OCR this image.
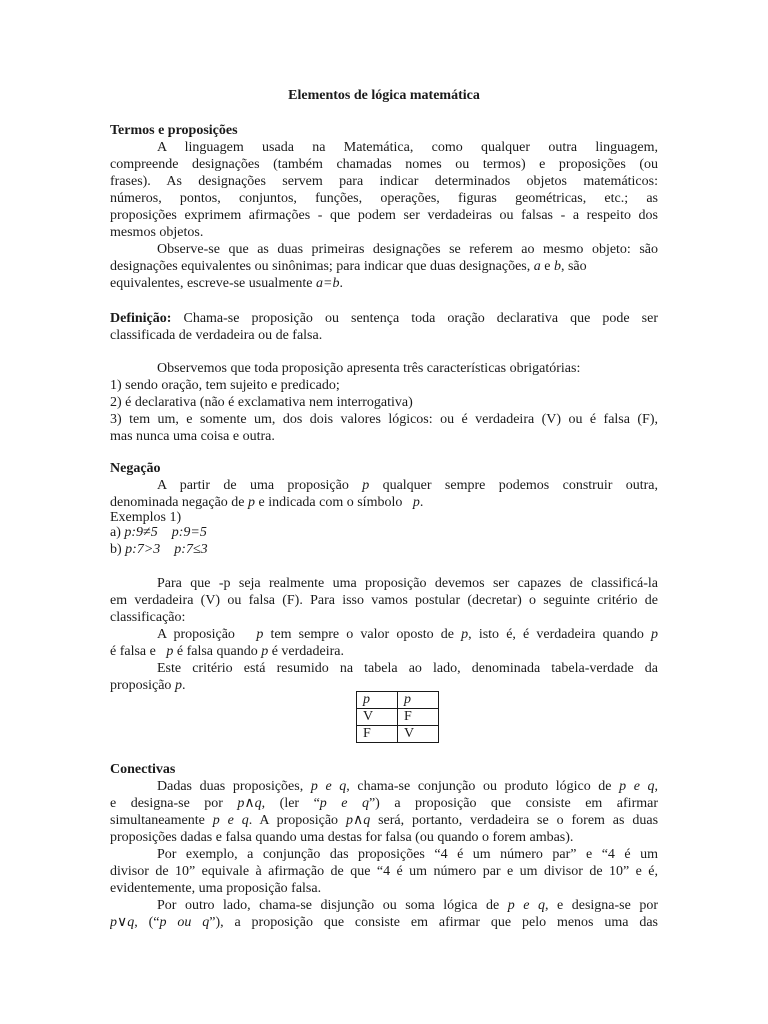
Elementos de lógica matemática
Termos e proposições
A linguagem usada na Matemática, como qualquer outra linguagem,
compreende designações (também chamadas nomes ou termos) e proposições (ou
frases). As designações servem para indicar determinados objetos matemáticos:
números, pontos, conjuntos, funções, operações, figuras geométricas, etc.; as
proposições exprimem afirmações - que podem ser verdadeiras ou falsas - a respeito dos
mesmos objetos.
Observe-se que as duas primeiras designações se referem ao mesmo objeto: são
designações equivalentes ou sinônimas; para indicar que duas designações, a e b, são
equivalentes, escreve-se usualmente a=b.
Definição: Chama-se proposição ou sentença toda oração declarativa que pode ser
classificada de verdadeira ou de falsa.
Observemos que toda proposição apresenta três características obrigatórias:
1) sendo oração, tem sujeito e predicado;
2) é declarativa (não é exclamativa nem interrogativa)
3) tem um, e somente um, dos dois valores lógicos: ou é verdadeira (V) ou é falsa (F),
mas nunca uma coisa e outra.
Negação
A partir de uma proposição p qualquer sempre podemos construir outra,
denominada negação de p e indicada com o símbolo p.
Exemplos 1)
a) p:9≠5 p:9=5
b) p:7>3 p:7≤3
Para que -p seja realmente uma proposição devemos ser capazes de classificá-la
em verdadeira (V) ou falsa (F). Para isso vamos postular (decretar) o seguinte critério de
classificação:
A proposição p tem sempre o valor oposto de p, isto é, é verdadeira quando p
é falsa e p é falsa quando p é verdadeira.
Este critério está resumido na tabela ao lado, denominada tabela-verdade da
proposição p.
p	p
V	F
F	V
Conectivas
Dadas duas proposições, p e q, chama-se conjunção ou produto lógico de p e q,
e designa-se por p∧q, (ler “p e q”) a proposição que consiste em afirmar
simultaneamente p e q. A proposição p∧q será, portanto, verdadeira se o forem as duas
proposições dadas e falsa quando uma destas for falsa (ou quando o forem ambas).
Por exemplo, a conjunção das proposições “4 é um número par” e “4 é um
divisor de 10” equivale à afirmação de que “4 é um número par e um divisor de 10” e é,
evidentemente, uma proposição falsa.
Por outro lado, chama-se disjunção ou soma lógica de p e q, e designa-se por
p∨q, (“p ou q”), a proposição que consiste em afirmar que pelo menos uma das
